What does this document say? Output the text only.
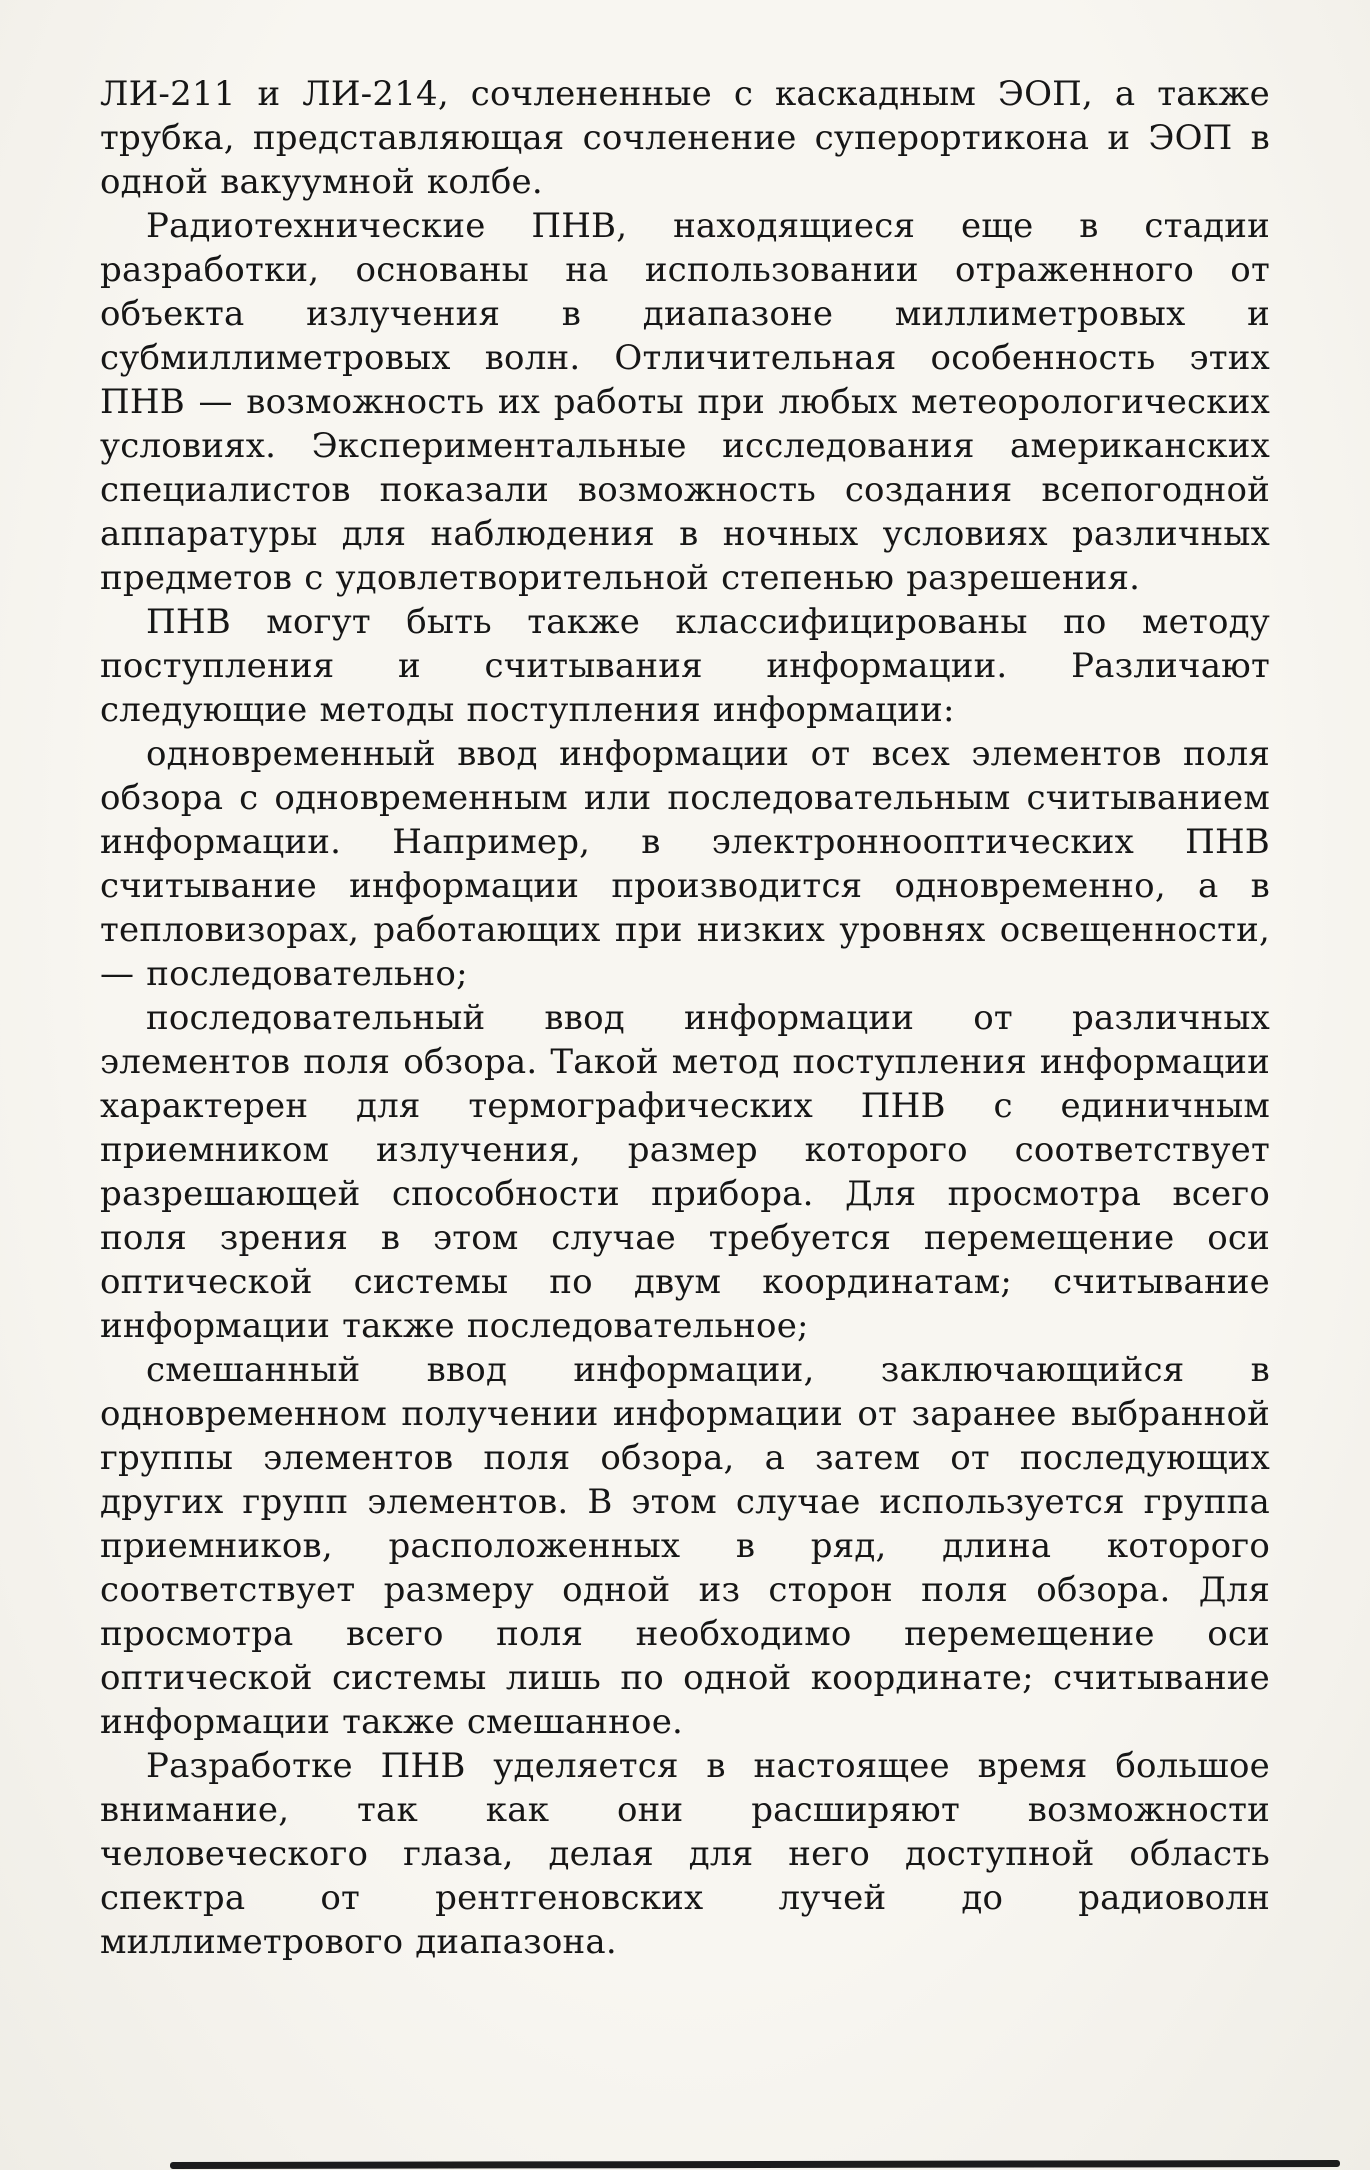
ЛИ-211 и ЛИ-214, сочлененные с каскадным ЭОП, а также трубка, представляющая сочленение суперортикона и ЭОП в одной вакуумной колбе.

Радиотехнические ПНВ, находящиеся еще в стадии разработки, основаны на использовании отраженного от объекта излучения в диапазоне миллиметровых и субмиллиметровых волн. Отличительная особенность этих ПНВ — возможность их работы при любых метеорологических условиях. Экспериментальные исследования американских специалистов показали возможность создания всепогодной аппаратуры для наблюдения в ночных условиях различных предметов с удовлетворительной степенью разрешения.

ПНВ могут быть также классифицированы по методу поступления и считывания информации. Различают следующие методы поступления информации:

одновременный ввод информации от всех элементов поля обзора с одновременным или последовательным считыванием информации. Например, в электроннооптических ПНВ считывание информации производится одновременно, а в тепловизорах, работающих при низких уровнях освещенности,— последовательно;

последовательный ввод информации от различных элементов поля обзора. Такой метод поступления информации характерен для термографических ПНВ с единичным приемником излучения, размер которого соответствует разрешающей способности прибора. Для просмотра всего поля зрения в этом случае требуется перемещение оси оптической системы по двум координатам; считывание информации также последовательное;

смешанный ввод информации, заключающийся в одновременном получении информации от заранее выбранной группы элементов поля обзора, а затем от последующих других групп элементов. В этом случае используется группа приемников, расположенных в ряд, длина которого соответствует размеру одной из сторон поля обзора. Для просмотра всего поля необходимо перемещение оси оптической системы лишь по одной координате; считывание информации также смешанное.

Разработке ПНВ уделяется в настоящее время большое внимание, так как они расширяют возможности человеческого глаза, делая для него доступной область спектра от рентгеновских лучей до радиоволн миллиметрового диапазона.
